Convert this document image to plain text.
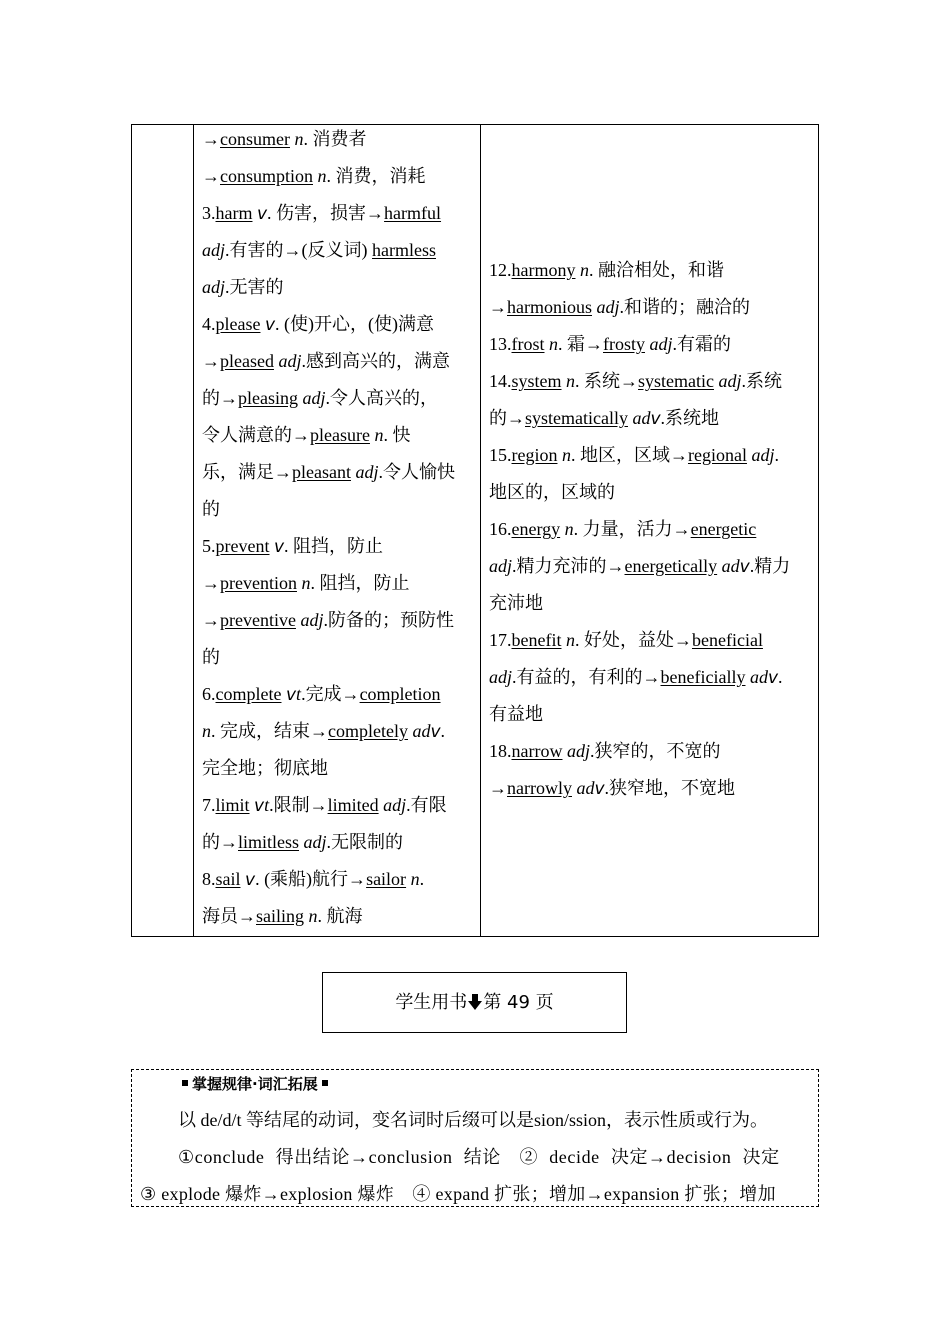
→consumer n. 消费者
→consumption n. 消费，消耗
3.harm v. 伤害，损害→harmful
adj.有害的→(反义词) harmless
adj.无害的
4.please v. (使)开心，(使)满意
→pleased adj.感到高兴的，满意
的→pleasing adj.令人高兴的，
令人满意的→pleasure n. 快
乐，满足→pleasant adj.令人愉快
的
5.prevent v. 阻挡，防止
→prevention n. 阻挡，防止
→preventive adj.防备的；预防性
的
6.complete vt.完成→completion
n. 完成，结束→completely adv.
完全地；彻底地
7.limit vt.限制→limited adj.有限
的→limitless adj.无限制的
8.sail v. (乘船)航行→sailor n.
海员→sailing n. 航海
12.harmony n. 融洽相处，和谐
→harmonious adj.和谐的；融洽的
13.frost n. 霜→frosty adj.有霜的
14.system n. 系统→systematic adj.系统
的→systematically adv.系统地
15.region n. 地区，区域→regional adj.
地区的，区域的
16.energy n. 力量，活力→energetic
adj.精力充沛的→energetically adv.精力
充沛地
17.benefit n. 好处，益处→beneficial
adj.有益的，有利的→beneficially adv.
有益地
18.narrow adj.狭窄的，不宽的
→narrowly adv.狭窄地，不宽地
学生用书 第 49 页
掌握规律·词汇拓展
以 de/d/t 等结尾的动词，变名词时后缀可以是sion/ssion，表示性质或行为。
①conclude 得出结论→conclusion 结论　② decide 决定→decision 决定
③ explode 爆炸→explosion 爆炸　④ expand 扩张；增加→expansion 扩张；增加
